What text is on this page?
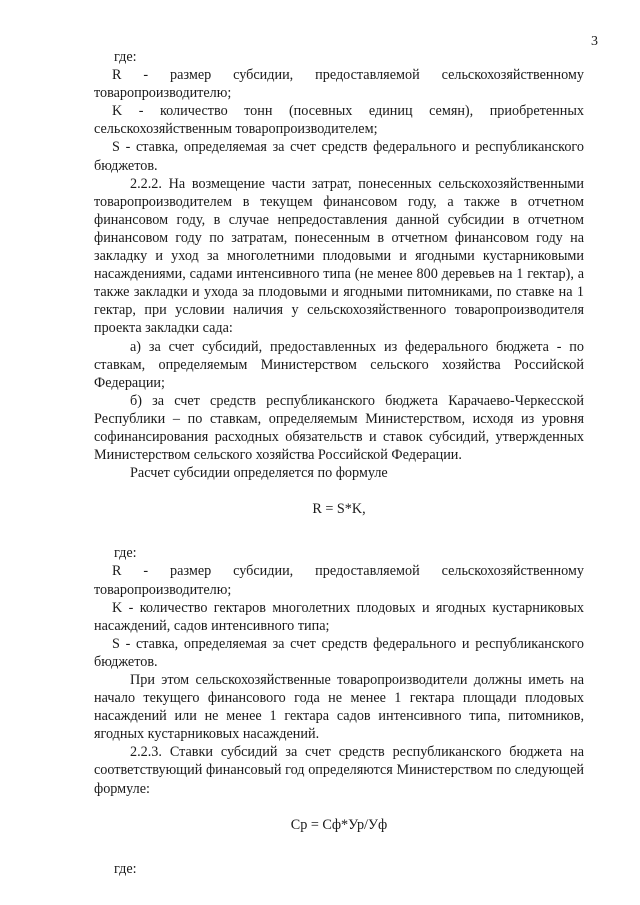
3

где:

R - размер субсидии, предоставляемой сельскохозяйственному товаропроизводителю;

K - количество тонн (посевных единиц семян), приобретенных сельскохозяйственным товаропроизводителем;

S - ставка, определяемая за счет средств федерального и республиканского бюджетов.

2.2.2. На возмещение части затрат, понесенных сельскохозяйственными товаропроизводителем в текущем финансовом году, а также в отчетном финансовом году, в случае непредоставления данной субсидии в отчетном финансовом году по затратам, понесенным в отчетном финансовом году на закладку и уход за многолетними плодовыми и ягодными кустарниковыми насаждениями, садами интенсивного типа (не менее 800 деревьев на 1 гектар), а также закладки и ухода за плодовыми и ягодными питомниками, по ставке на 1 гектар, при условии наличия у сельскохозяйственного товаропроизводителя проекта закладки сада:

а) за счет субсидий, предоставленных из федерального бюджета - по ставкам, определяемым Министерством сельского хозяйства Российской Федерации;

б) за счет средств республиканского бюджета Карачаево-Черкесской Республики – по ставкам, определяемым Министерством, исходя из уровня софинансирования расходных обязательств и ставок субсидий, утвержденных Министерством сельского хозяйства Российской Федерации.

Расчет субсидии определяется по формуле

R = S*K,

где:

R - размер субсидии, предоставляемой сельскохозяйственному товаропроизводителю;

K - количество гектаров многолетних плодовых и ягодных кустарниковых насаждений, садов интенсивного типа;

S - ставка, определяемая за счет средств федерального и республиканского бюджетов.

При этом сельскохозяйственные товаропроизводители должны иметь на начало текущего финансового года не менее 1 гектара площади плодовых насаждений или не менее 1 гектара садов интенсивного типа, питомников, ягодных кустарниковых насаждений.

2.2.3. Ставки субсидий за счет средств республиканского бюджета на соответствующий финансовый год определяются Министерством по следующей формуле:

Ср = Сф*Ур/Уф

где:
